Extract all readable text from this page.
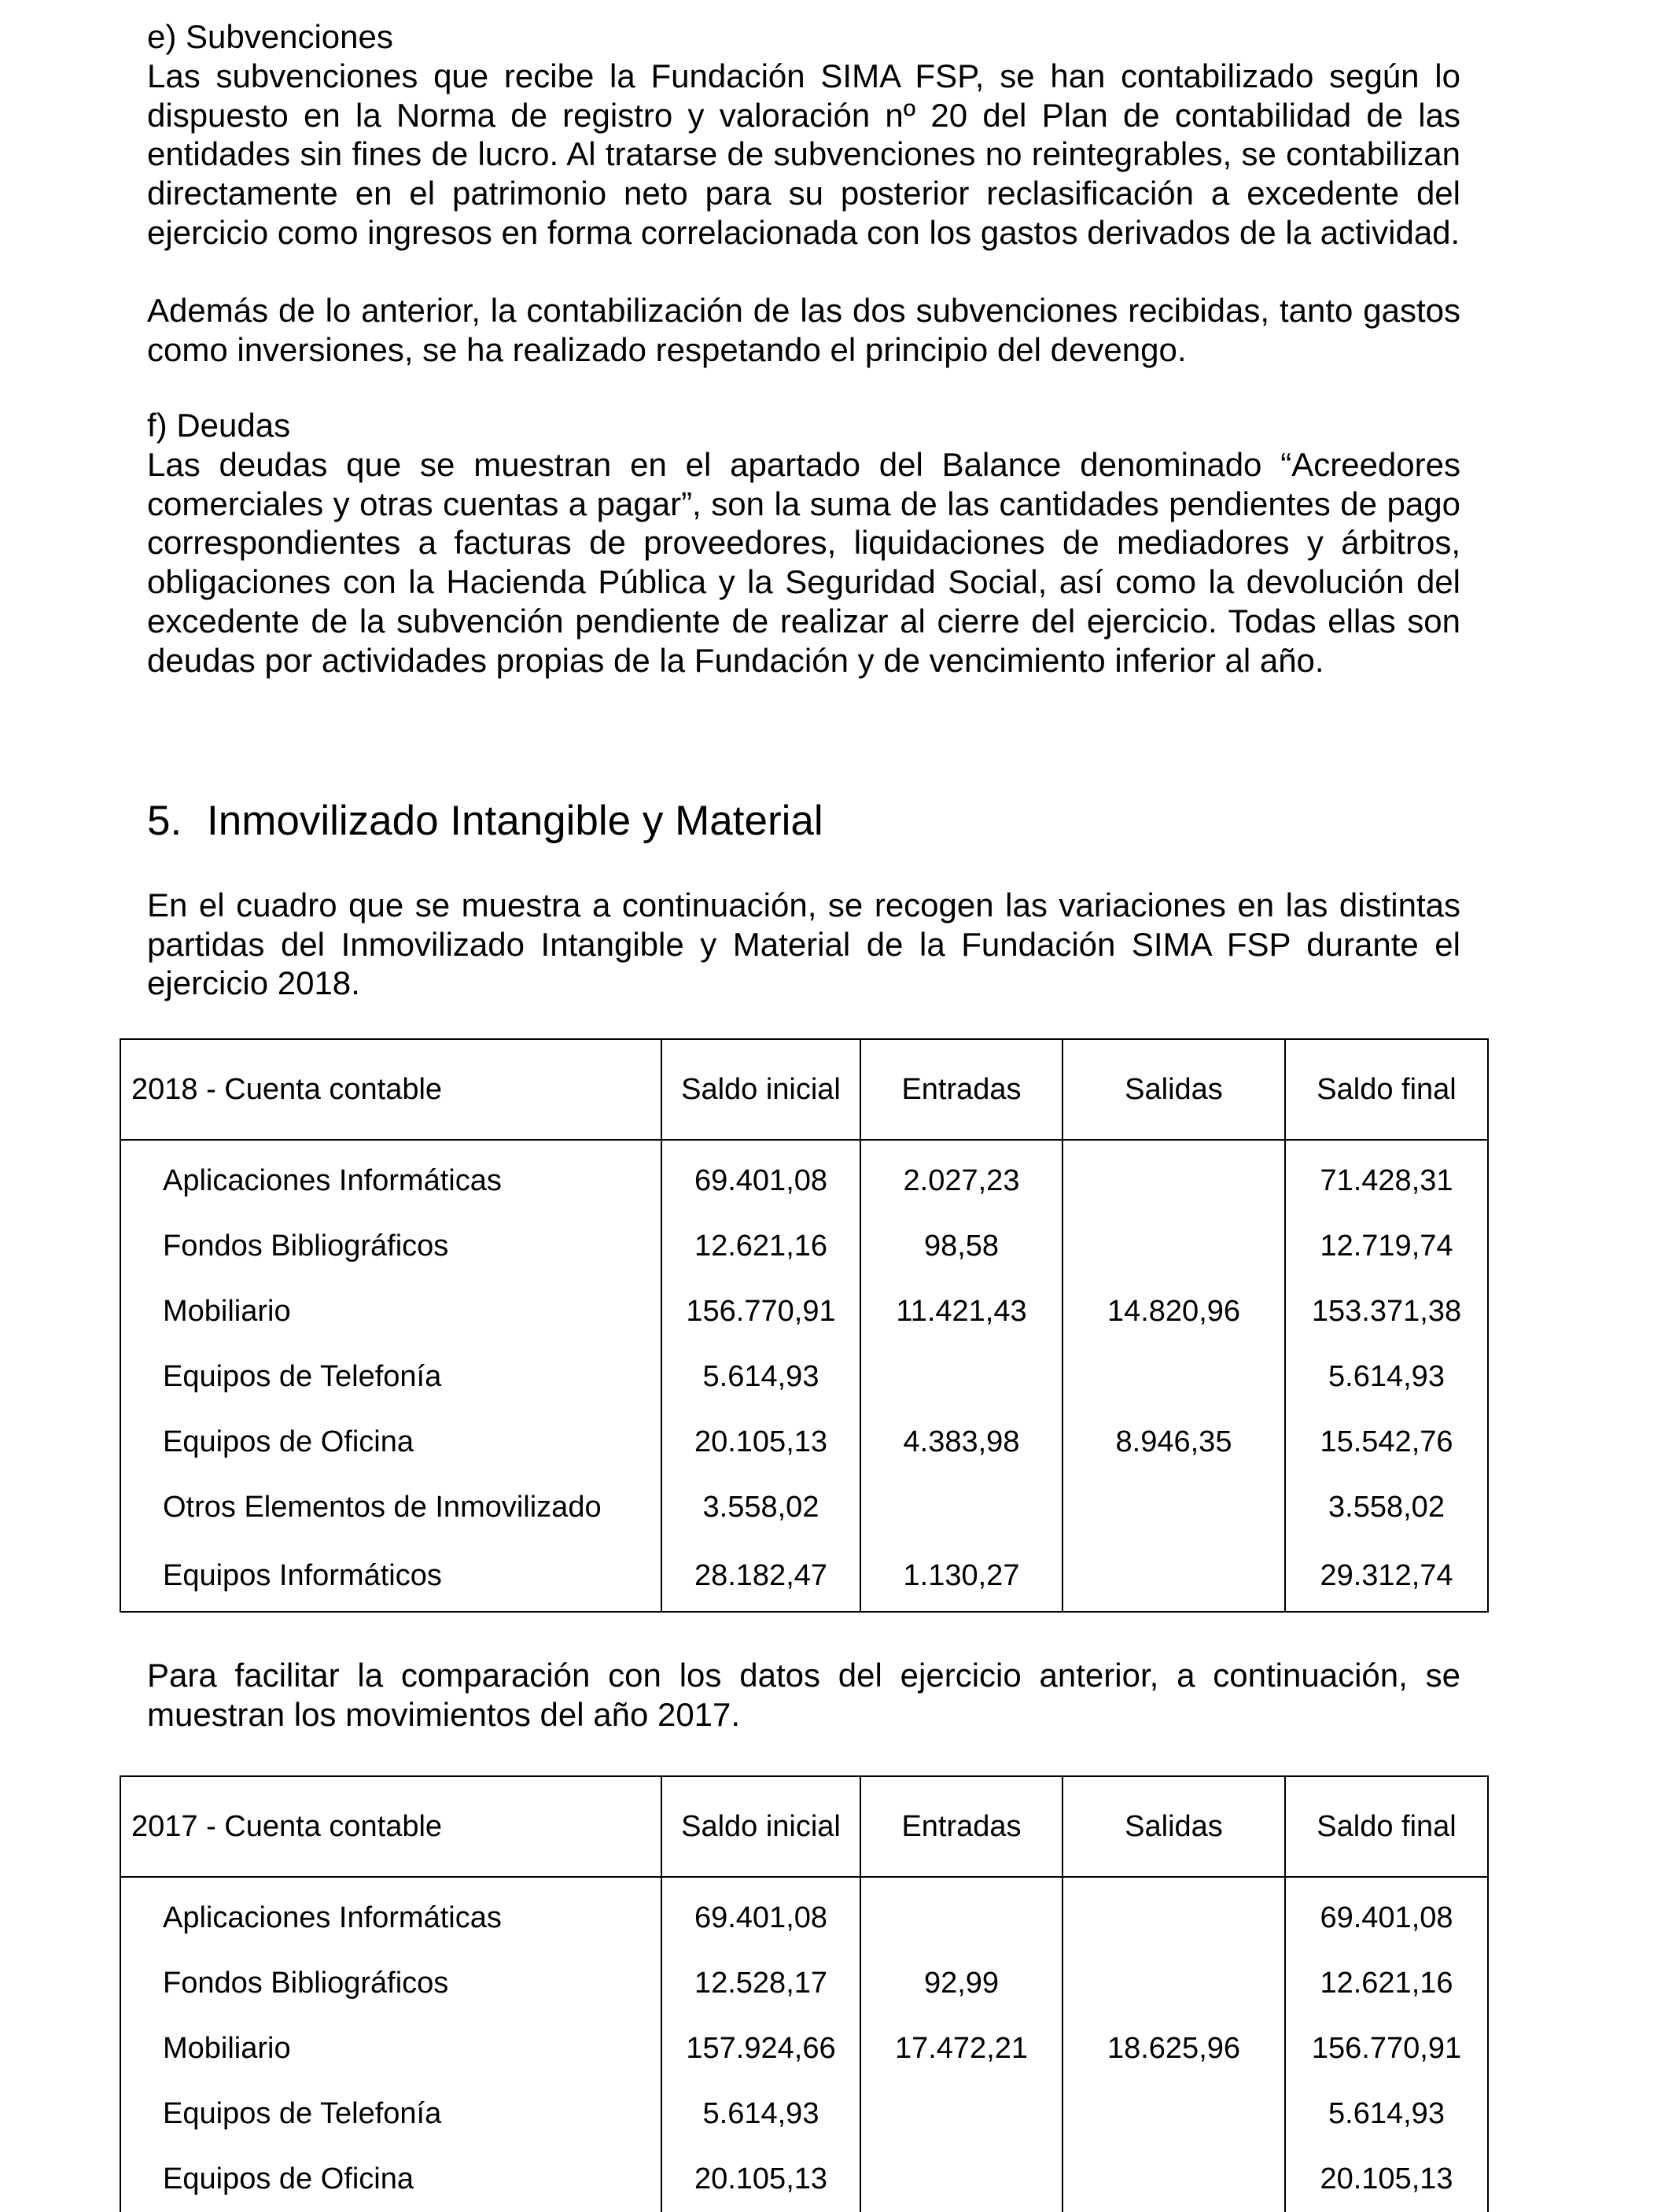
e) Subvenciones

Las subvenciones que recibe la Fundación SIMA FSP, se han contabilizado según lo dispuesto en la Norma de registro y valoración nº 20 del Plan de contabilidad de las entidades sin fines de lucro. Al tratarse de subvenciones no reintegrables, se contabilizan directamente en el patrimonio neto para su posterior reclasificación a excedente del ejercicio como ingresos en forma correlacionada con los gastos derivados de la actividad.

Además de lo anterior, la contabilización de las dos subvenciones recibidas, tanto gastos como inversiones, se ha realizado respetando el principio del devengo.

f) Deudas

Las deudas que se muestran en el apartado del Balance denominado “Acreedores comerciales y otras cuentas a pagar”, son la suma de las cantidades pendientes de pago correspondientes a facturas de proveedores, liquidaciones de mediadores y árbitros, obligaciones con la Hacienda Pública y la Seguridad Social, así como la devolución del excedente de la subvención pendiente de realizar al cierre del ejercicio. Todas ellas son deudas por actividades propias de la Fundación y de vencimiento inferior al año.

5. Inmovilizado Intangible y Material

En el cuadro que se muestra a continuación, se recogen las variaciones en las distintas partidas del Inmovilizado Intangible y Material de la Fundación SIMA FSP durante el ejercicio 2018.

2018 - Cuenta contable	Saldo inicial	Entradas	Salidas	Saldo final
Aplicaciones Informáticas	69.401,08	2.027,23		71.428,31
Fondos Bibliográficos	12.621,16	98,58		12.719,74
Mobiliario	156.770,91	11.421,43	14.820,96	153.371,38
Equipos de Telefonía	5.614,93			5.614,93
Equipos de Oficina	20.105,13	4.383,98	8.946,35	15.542,76
Otros Elementos de Inmovilizado	3.558,02			3.558,02
Equipos Informáticos	28.182,47	1.130,27		29.312,74

Para facilitar la comparación con los datos del ejercicio anterior, a continuación, se muestran los movimientos del año 2017.

2017 - Cuenta contable	Saldo inicial	Entradas	Salidas	Saldo final
Aplicaciones Informáticas	69.401,08			69.401,08
Fondos Bibliográficos	12.528,17	92,99		12.621,16
Mobiliario	157.924,66	17.472,21	18.625,96	156.770,91
Equipos de Telefonía	5.614,93			5.614,93
Equipos de Oficina	20.105,13			20.105,13
